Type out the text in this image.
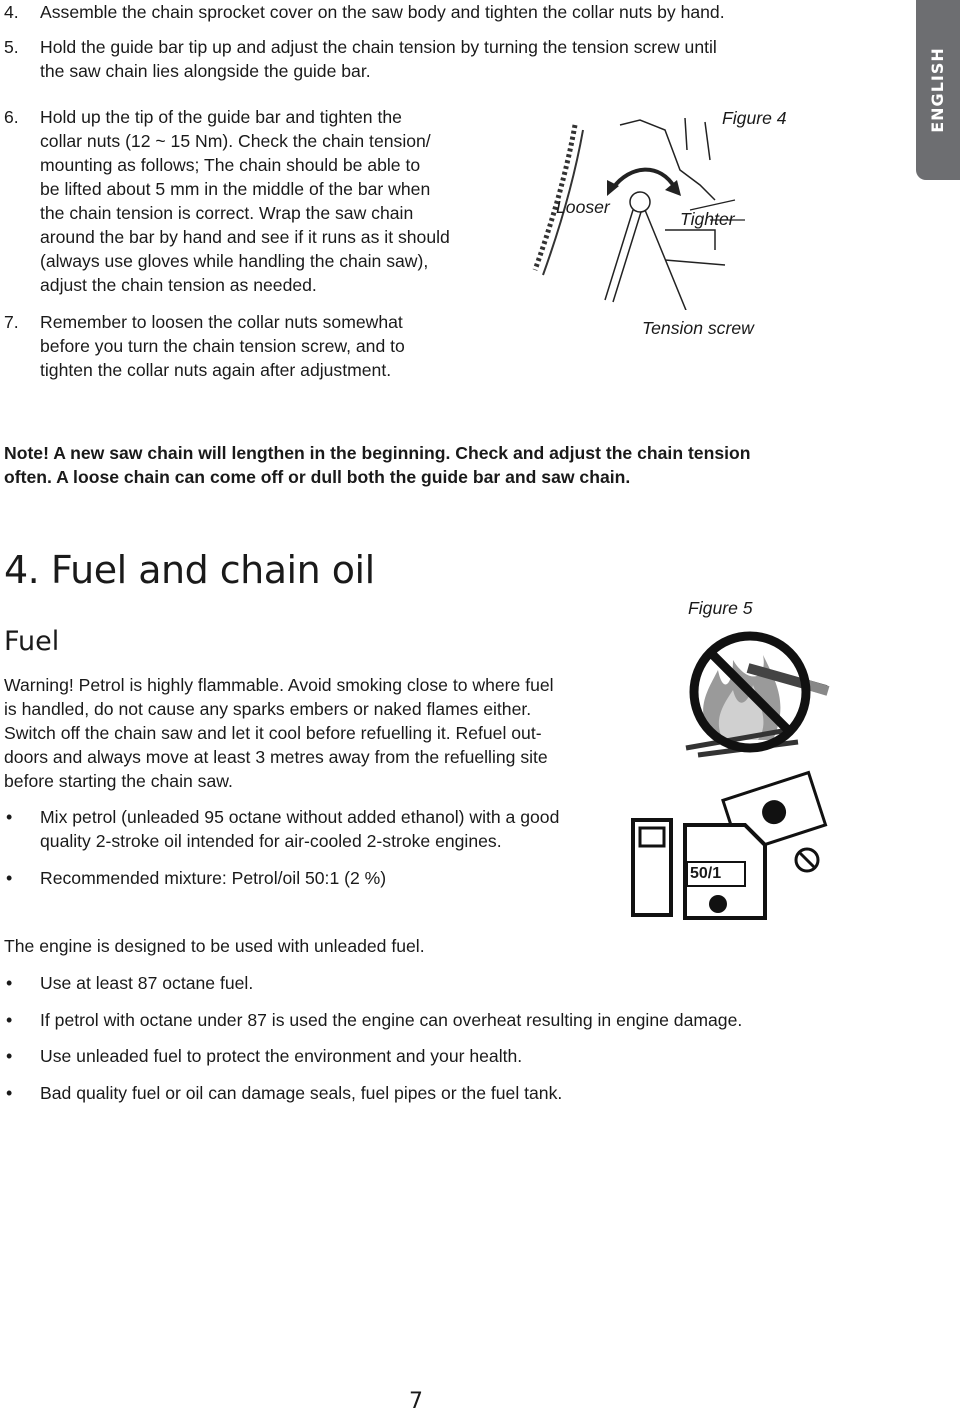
ENGLISH
4. Assemble the chain sprocket cover on the saw body and tighten the collar nuts by hand.
5. Hold the guide bar tip up and adjust the chain tension by turning the tension screw until
the saw chain lies alongside the guide bar.
6. Hold up the tip of the guide bar and tighten the
collar nuts (12 ~ 15 Nm). Check the chain tension/
mounting as follows; The chain should be able to
be lifted about 5 mm in the middle of the bar when
the chain tension is correct. Wrap the saw chain
around the bar by hand and see if it runs as it should
(always use gloves while handling the chain saw),
adjust the chain tension as needed.
7. Remember to loosen the collar nuts somewhat
before you turn the chain tension screw, and to
tighten the collar nuts again after adjustment.
Figure 4
Looser
Tighter
Tension screw
Note! A new saw chain will lengthen in the beginning. Check and adjust the chain tension
often. A loose chain can come off or dull both the guide bar and saw chain.
4. Fuel and chain oil
Fuel
Figure 5
50/1
Warning! Petrol is highly flammable. Avoid smoking close to where fuel
is handled, do not cause any sparks embers or naked flames either.
Switch off the chain saw and let it cool before refuelling it. Refuel out-
doors and always move at least 3 metres away from the refuelling site
before starting the chain saw.
• Mix petrol (unleaded 95 octane without added ethanol) with a good
quality 2-stroke oil intended for air-cooled 2-stroke engines.
• Recommended mixture: Petrol/oil 50:1 (2 %)
The engine is designed to be used with unleaded fuel.
• Use at least 87 octane fuel.
• If petrol with octane under 87 is used the engine can overheat resulting in engine damage.
• Use unleaded fuel to protect the environment and your health.
• Bad quality fuel or oil can damage seals, fuel pipes or the fuel tank.
7
